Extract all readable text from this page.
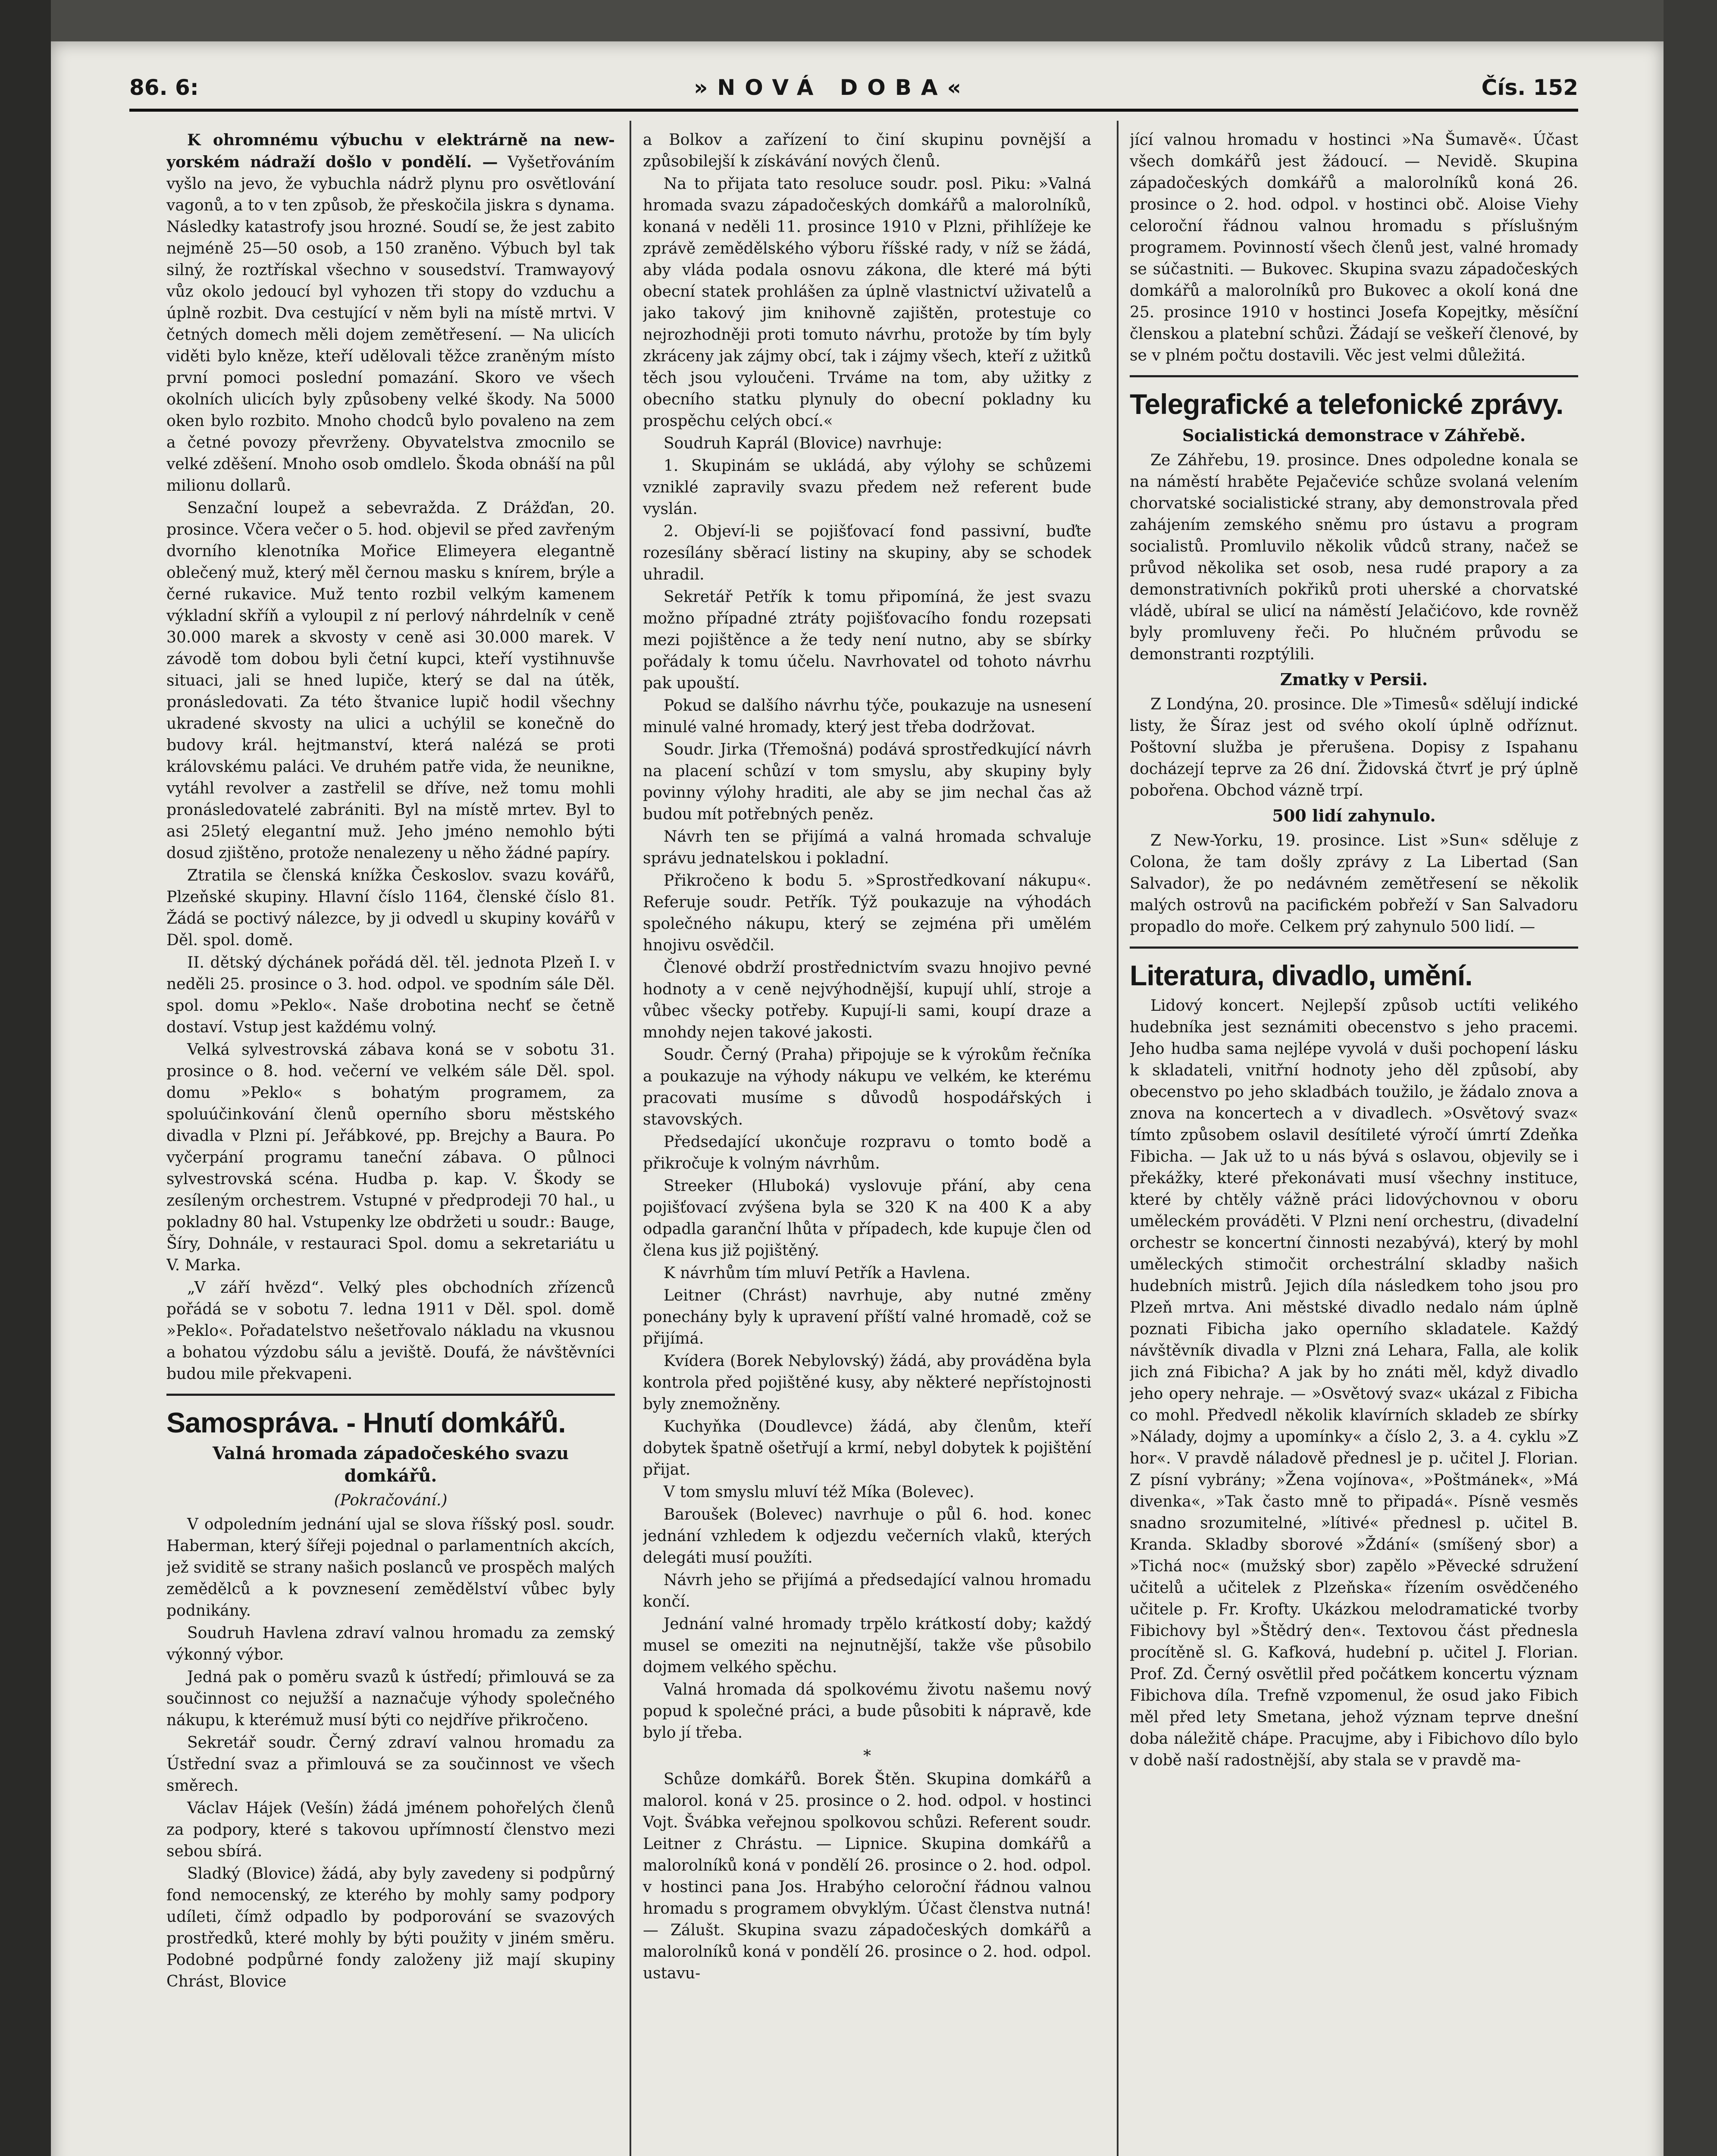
86. 6:	»NOVÁ DOBA«	Čís. 152

K ohromnému výbuchu v elektrárně na new-yorském nádraží došlo v pondělí. — Vyšetřováním vyšlo na jevo, že vybuchla nádrž plynu pro osvětlování vagonů, a to v ten způsob, že přeskočila jiskra s dynama. Následky katastrofy jsou hrozné. Soudí se, že jest zabito nejméně 25—50 osob, a 150 zraněno. Výbuch byl tak silný, že roztřískal všechno v sousedství. Tramwayový vůz okolo jedoucí byl vyhozen tři stopy do vzduchu a úplně rozbit. Dva cestující v něm byli na místě mrtvi. V četných domech měli dojem zemětřesení. — Na ulicích viděti bylo kněze, kteří udělovali těžce zraněným místo první pomoci poslední pomazání. Skoro ve všech okolních ulicích byly způsobeny velké škody. Na 5000 oken bylo rozbito. Mnoho chodců bylo povaleno na zem a četné povozy převrženy. Obyvatelstva zmocnilo se velké zděšení. Mnoho osob omdlelo. Škoda obnáší na půl milionu dollarů.

Senzační loupež a sebevražda. Z Drážďan, 20. prosince. Včera večer o 5. hod. objevil se před zavřeným dvorního klenotníka Mořice Elimeyera elegantně oblečený muž, který měl černou masku s knírem, brýle a černé rukavice. Muž tento rozbil velkým kamenem výkladní skříň a vyloupil z ní perlový náhrdelník v ceně 30.000 marek a skvosty v ceně asi 30.000 marek. V závodě tom dobou byli četní kupci, kteří vystihnuvše situaci, jali se hned lupiče, který se dal na útěk, pronásledovati. Za této štvanice lupič hodil všechny ukradené skvosty na ulici a uchýlil se konečně do budovy král. hejtmanství, která nalézá se proti královskému paláci. Ve druhém patře vida, že neunikne, vytáhl revolver a zastřelil se dříve, než tomu mohli pronásledovatelé zabrániti. Byl na místě mrtev. Byl to asi 25letý elegantní muž. Jeho jméno nemohlo býti dosud zjištěno, protože nenalezeny u něho žádné papíry.

Ztratila se členská knížka Českoslov. svazu kovářů, Plzeňské skupiny. Hlavní číslo 1164, členské číslo 81. Žádá se poctivý nálezce, by ji odvedl u skupiny kovářů v Děl. spol. domě.

II. dětský dýchánek pořádá děl. těl. jednota Plzeň I. v neděli 25. prosince o 3. hod. odpol. ve spodním sále Děl. spol. domu »Peklo«. Naše drobotina nechť se četně dostaví. Vstup jest každému volný.

Velká sylvestrovská zábava koná se v sobotu 31. prosince o 8. hod. večerní ve velkém sále Děl. spol. domu »Peklo« s bohatým programem, za spoluúčinkování členů operního sboru městského divadla v Plzni pí. Jeřábkové, pp. Brejchy a Baura. Po vyčerpání programu taneční zábava. O půlnoci sylvestrovská scéna. Hudba p. kap. V. Škody se zesíleným orchestrem. Vstupné v předprodeji 70 hal., u pokladny 80 hal. Vstupenky lze obdržeti u soudr.: Bauge, Šíry, Dohnále, v restauraci Spol. domu a sekretariátu u V. Marka.

„V září hvězd“. Velký ples obchodních zřízenců pořádá se v sobotu 7. ledna 1911 v Děl. spol. domě »Peklo«. Pořadatelstvo nešetřovalo nákladu na vkusnou a bohatou výzdobu sálu a jeviště. Doufá, že návštěvníci budou mile překvapeni.

Samospráva. - Hnutí domkářů.
Valná hromada západočeského svazu domkářů.
(Pokračování.)

V odpoledním jednání ujal se slova říšský posl. soudr. Haberman, který šířeji pojednal o parlamentních akcích, jež sviditě se strany našich poslanců ve prospěch malých zemědělců a k povznesení zemědělství vůbec byly podnikány.

Soudruh Havlena zdraví valnou hromadu za zemský výkonný výbor.

Jedná pak o poměru svazů k ústředí; přimlouvá se za součinnost co nejužší a naznačuje výhody společného nákupu, k kterémuž musí býti co nejdříve přikročeno.

Sekretář soudr. Černý zdraví valnou hromadu za Ústřední svaz a přimlouvá se za součinnost ve všech směrech.

Václav Hájek (Vešín) žádá jménem pohořelých členů za podpory, které s takovou upřímností členstvo mezi sebou sbírá.

Sladký (Blovice) žádá, aby byly zavedeny si podpůrný fond nemocenský, ze kterého by mohly samy podpory udíleti, čímž odpadlo by podporování se svazových prostředků, které mohly by býti použity v jiném směru. Podobné podpůrné fondy založeny již mají skupiny Chrást, Blovice

a Bolkov a zařízení to činí skupinu povnější a způsobilejší k získávání nových členů.

Na to přijata tato resoluce soudr. posl. Piku: »Valná hromada svazu západočeských domkářů a malorolníků, konaná v neděli 11. prosince 1910 v Plzni, přihlížeje ke zprávě zemědělského výboru říšské rady, v níž se žádá, aby vláda podala osnovu zákona, dle které má býti obecní statek prohlášen za úplně vlastnictví uživatelů a jako takový jim knihovně zajištěn, protestuje co nejrozhodněji proti tomuto návrhu, protože by tím byly zkráceny jak zájmy obcí, tak i zájmy všech, kteří z užitků těch jsou vyloučeni. Trváme na tom, aby užitky z obecního statku plynuly do obecní pokladny ku prospěchu celých obcí.«

Soudruh Kaprál (Blovice) navrhuje:

1. Skupinám se ukládá, aby výlohy se schůzemi vzniklé zapravily svazu předem než referent bude vyslán.

2. Objeví-li se pojišťovací fond passivní, buďte rozesílány sběrací listiny na skupiny, aby se schodek uhradil.

Sekretář Petřík k tomu připomíná, že jest svazu možno případné ztráty pojišťovacího fondu rozepsati mezi pojištěnce a že tedy není nutno, aby se sbírky pořádaly k tomu účelu. Navrhovatel od tohoto návrhu pak upouští.

Pokud se dalšího návrhu týče, poukazuje na usnesení minulé valné hromady, který jest třeba dodržovat.

Soudr. Jirka (Třemošná) podává sprostředkující návrh na placení schůzí v tom smyslu, aby skupiny byly povinny výlohy hraditi, ale aby se jim nechal čas až budou mít potřebných peněz.

Návrh ten se přijímá a valná hromada schvaluje správu jednatelskou i pokladní.

Přikročeno k bodu 5. »Sprostředkovaní nákupu«. Referuje soudr. Petřík. Týž poukazuje na výhodách společného nákupu, který se zejména při umělém hnojivu osvědčil.

Členové obdrží prostřednictvím svazu hnojivo pevné hodnoty a v ceně nejvýhodnější, kupují uhlí, stroje a vůbec všecky potřeby. Kupují-li sami, koupí draze a mnohdy nejen takové jakosti.

Soudr. Černý (Praha) připojuje se k výrokům řečníka a poukazuje na výhody nákupu ve velkém, ke kterému pracovati musíme s důvodů hospodářských i stavovských.

Předsedající ukončuje rozpravu o tomto bodě a přikročuje k volným návrhům.

Streeker (Hluboká) vyslovuje přání, aby cena pojišťovací zvýšena byla se 320 K na 400 K a aby odpadla garanční lhůta v případech, kde kupuje člen od člena kus již pojištěný.

K návrhům tím mluví Petřík a Havlena.

Leitner (Chrást) navrhuje, aby nutné změny ponechány byly k upravení příští valné hromadě, což se přijímá.

Kvídera (Borek Nebylovský) žádá, aby prováděna byla kontrola před pojištěné kusy, aby některé nepřístojnosti byly znemožněny.

Kuchyňka (Doudlevce) žádá, aby členům, kteří dobytek špatně ošetřují a krmí, nebyl dobytek k pojištění přijat.

V tom smyslu mluví též Míka (Bolevec).

Baroušek (Bolevec) navrhuje o půl 6. hod. konec jednání vzhledem k odjezdu večerních vlaků, kterých delegáti musí použíti.

Návrh jeho se přijímá a předsedající valnou hromadu končí.

Jednání valné hromady trpělo krátkostí doby; každý musel se omeziti na nejnutnější, takže vše působilo dojmem velkého spěchu.

Valná hromada dá spolkovému životu našemu nový popud k společné práci, a bude působiti k nápravě, kde bylo jí třeba.

*

Schůze domkářů. Borek Štěn. Skupina domkářů a malorol. koná v 25. prosince o 2. hod. odpol. v hostinci Vojt. Švábka veřejnou spolkovou schůzi. Referent soudr. Leitner z Chrástu. — Lipnice. Skupina domkářů a malorolníků koná v pondělí 26. prosince o 2. hod. odpol. v hostinci pana Jos. Hrabýho celoroční řádnou valnou hromadu s programem obvyklým. Účast členstva nutná! — Zálušt. Skupina svazu západočeských domkářů a malorolníků koná v pondělí 26. prosince o 2. hod. odpol. ustavu-

jící valnou hromadu v hostinci »Na Šumavě«. Účast všech domkářů jest žádoucí. — Nevidě. Skupina západočeských domkářů a malorolníků koná 26. prosince o 2. hod. odpol. v hostinci obč. Aloise Viehy celoroční řádnou valnou hromadu s příslušným programem. Povinností všech členů jest, valné hromady se súčastniti. — Bukovec. Skupina svazu západočeských domkářů a malorolníků pro Bukovec a okolí koná dne 25. prosince 1910 v hostinci Josefa Kopejtky, měsíční členskou a platební schůzi. Žádají se veškeří členové, by se v plném počtu dostavili. Věc jest velmi důležitá.

Telegrafické a telefonické zprávy.
Socialistická demonstrace v Záhřebě.

Ze Záhřebu, 19. prosince. Dnes odpoledne konala se na náměstí hraběte Pejačeviće schůze svolaná velením chorvatské socialistické strany, aby demonstrovala před zahájením zemského sněmu pro ústavu a program socialistů. Promluvilo několik vůdců strany, načež se průvod několika set osob, nesa rudé prapory a za demonstrativních pokřiků proti uherské a chorvatské vládě, ubíral se ulicí na náměstí Jelačićovo, kde rovněž byly promluveny řeči. Po hlučném průvodu se demonstranti rozptýlili.

Zmatky v Persii.

Z Londýna, 20. prosince. Dle »Timesů« sdělují indické listy, že Šíraz jest od svého okolí úplně odříznut. Poštovní služba je přerušena. Dopisy z Ispahanu docházejí teprve za 26 dní. Židovská čtvrť je prý úplně pobořena. Obchod vázně trpí.

500 lidí zahynulo.

Z New-Yorku, 19. prosince. List »Sun« sděluje z Colona, že tam došly zprávy z La Libertad (San Salvador), že po nedávném zemětřesení se několik malých ostrovů na pacifickém pobřeží v San Salvadoru propadlo do moře. Celkem prý zahynulo 500 lidí. —

Literatura, divadlo, umění.

Lidový koncert. Nejlepší způsob uctíti velikého hudebníka jest seznámiti obecenstvo s jeho pracemi. Jeho hudba sama nejlépe vyvolá v duši pochopení lásku k skladateli, vnitřní hodnoty jeho děl způsobí, aby obecenstvo po jeho skladbách toužilo, je žádalo znova a znova na koncertech a v divadlech. »Osvětový svaz« tímto způsobem oslavil desítileté výročí úmrtí Zdeňka Fibicha. — Jak už to u nás bývá s oslavou, objevily se i překážky, které překonávati musí všechny instituce, které by chtěly vážně práci lidovýchovnou v oboru uměleckém prováděti. V Plzni není orchestru, (divadelní orchestr se koncertní činnosti nezabývá), který by mohl uměleckých stimočit orchestrální skladby našich hudebních mistrů. Jejich díla následkem toho jsou pro Plzeň mrtva. Ani městské divadlo nedalo nám úplně poznati Fibicha jako operního skladatele. Každý návštěvník divadla v Plzni zná Lehara, Falla, ale kolik jich zná Fibicha? A jak by ho znáti měl, když divadlo jeho opery nehraje. — »Osvětový svaz« ukázal z Fibicha co mohl. Předvedl několik klavírních skladeb ze sbírky »Nálady, dojmy a upomínky« a číslo 2, 3. a 4. cyklu »Z hor«. V pravdě náladově přednesl je p. učitel J. Florian. Z písní vybrány; »Žena vojínova«, »Poštmánek«, »Má divenka«, »Tak často mně to připadá«. Písně vesměs snadno srozumitelné, »lítivé« přednesl p. učitel B. Kranda. Skladby sborové »Ždání« (smíšený sbor) a »Tichá noc« (mužský sbor) zapělo »Pěvecké sdružení učitelů a učitelek z Plzeňska« řízením osvědčeného učitele p. Fr. Krofty. Ukázkou melodramatické tvorby Fibichovy byl »Štědrý den«. Textovou část přednesla procítěně sl. G. Kafková, hudební p. učitel J. Florian. Prof. Zd. Černý osvětlil před počátkem koncertu význam Fibichova díla. Trefně vzpomenul, že osud jako Fibich měl před lety Smetana, jehož význam teprve dnešní doba náležitě chápe. Pracujme, aby i Fibichovo dílo bylo v době naší radostnější, aby stala se v pravdě ma-
